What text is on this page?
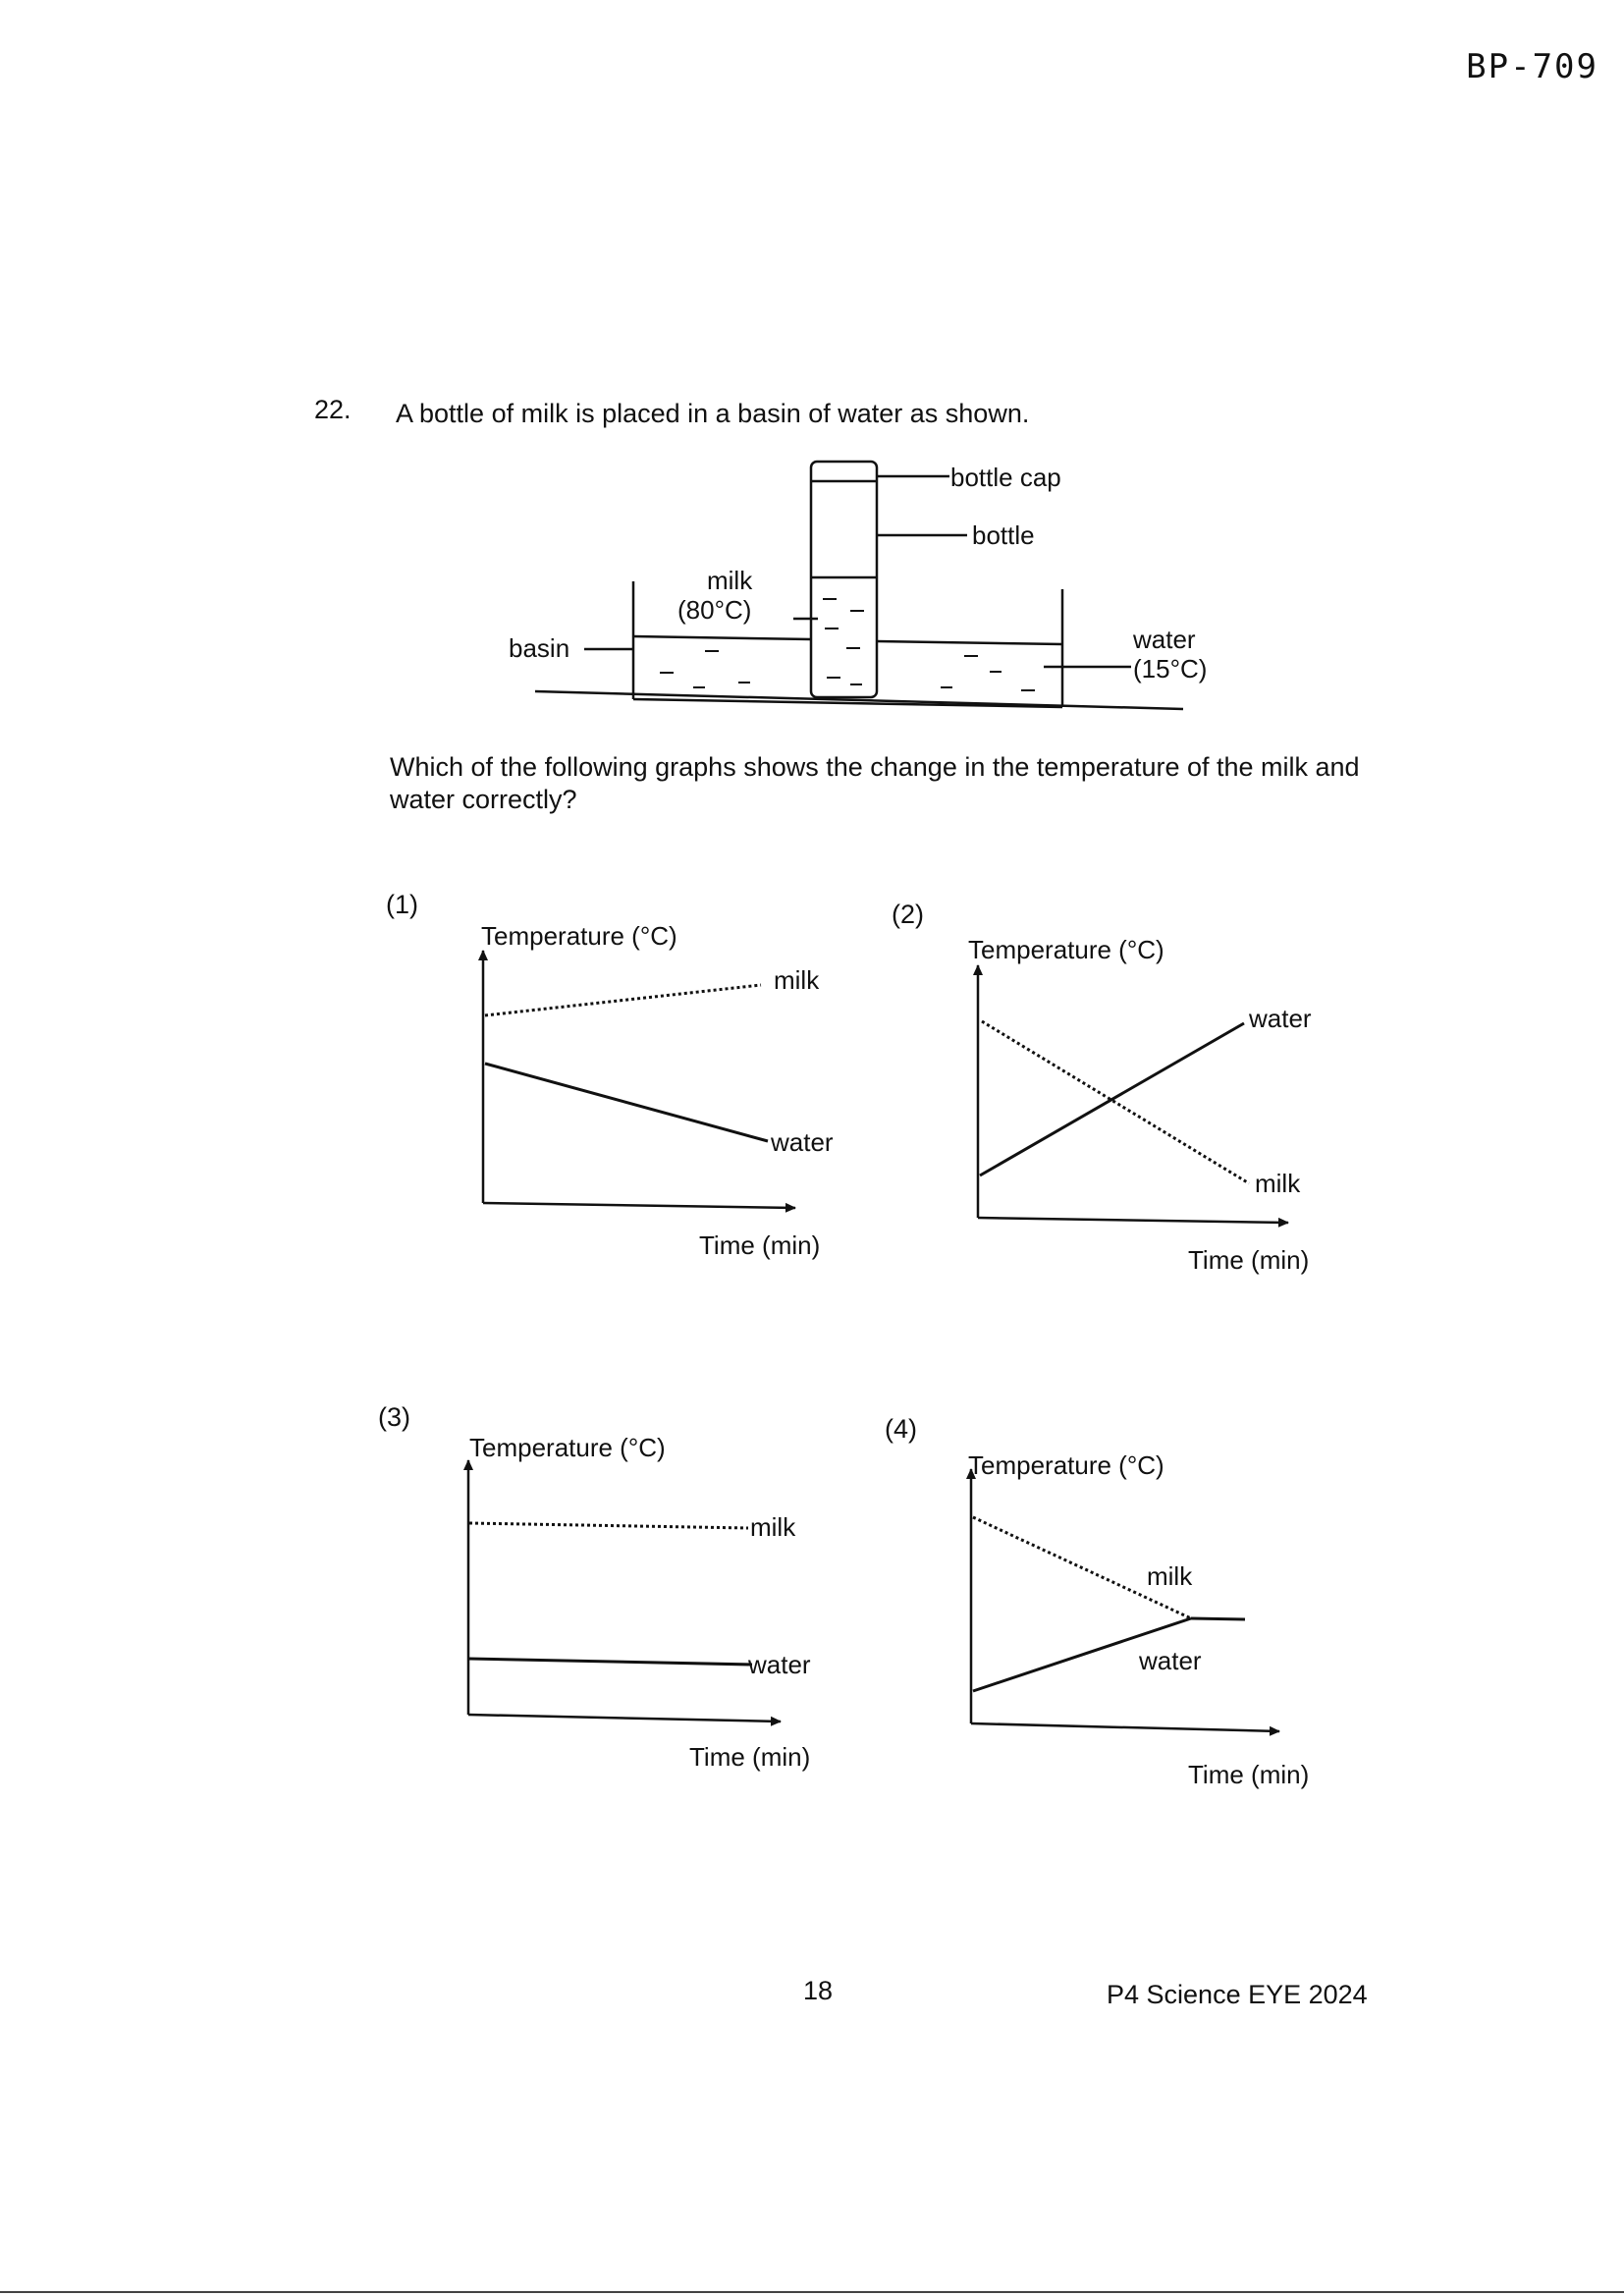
BP-709
22. A bottle of milk is placed in a basin of water as shown.
Which of the following graphs shows the change in the temperature of the milk and water correctly?
bottle cap
bottle
milk
(80°C)
basin	water
(15°C)
(1)
Temperature (°C)
milk
water
Time (min)
(2)
Temperature (°C)
water
milk
Time (min)
(3)
Temperature (°C)
milk
water
Time (min)
(4)
Temperature (°C)
milk
water
Time (min)
18	P4 Science EYE 2024
